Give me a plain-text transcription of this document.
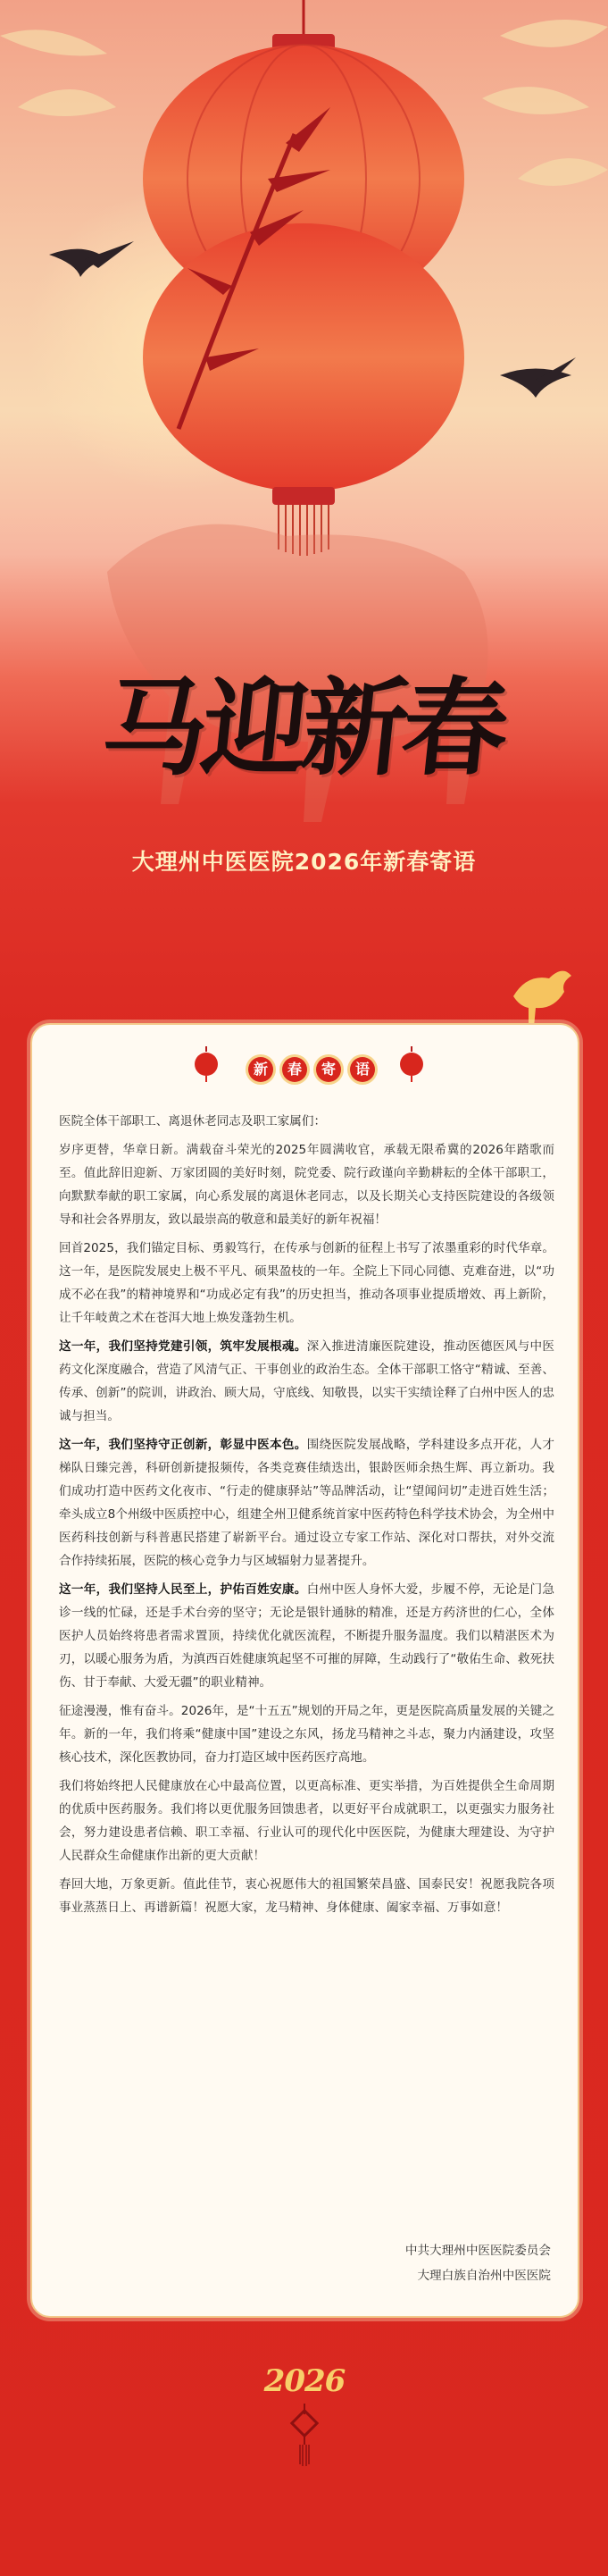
马迎新春
大理州中医医院2026年新春寄语
新	春	寄	语

医院全体干部职工、离退休老同志及职工家属们：

岁序更替，华章日新。满载奋斗荣光的2025年圆满收官，承载无限希冀的2026年踏歌而至。值此辞旧迎新、万家团圆的美好时刻，院党委、院行政谨向辛勤耕耘的全体干部职工，向默默奉献的职工家属，向心系发展的离退休老同志，以及长期关心支持医院建设的各级领导和社会各界朋友，致以最崇高的敬意和最美好的新年祝福！

回首2025，我们锚定目标、勇毅笃行，在传承与创新的征程上书写了浓墨重彩的时代华章。这一年，是医院发展史上极不平凡、硕果盈枝的一年。全院上下同心同德、克难奋进，以“功成不必在我”的精神境界和“功成必定有我”的历史担当，推动各项事业提质增效、再上新阶，让千年岐黄之术在苍洱大地上焕发蓬勃生机。

这一年，我们坚持党建引领，筑牢发展根魂。深入推进清廉医院建设，推动医德医风与中医药文化深度融合，营造了风清气正、干事创业的政治生态。全体干部职工恪守“精诚、至善、传承、创新”的院训，讲政治、顾大局，守底线、知敬畏，以实干实绩诠释了白州中医人的忠诚与担当。

这一年，我们坚持守正创新，彰显中医本色。围绕医院发展战略，学科建设多点开花，人才梯队日臻完善，科研创新捷报频传，各类竞赛佳绩迭出，银龄医师余热生辉、再立新功。我们成功打造中医药文化夜市、“行走的健康驿站”等品牌活动，让“望闻问切”走进百姓生活；牵头成立8个州级中医质控中心，组建全州卫健系统首家中医药特色科学技术协会，为全州中医药科技创新与科普惠民搭建了崭新平台。通过设立专家工作站、深化对口帮扶，对外交流合作持续拓展，医院的核心竞争力与区域辐射力显著提升。

这一年，我们坚持人民至上，护佑百姓安康。白州中医人身怀大爱，步履不停，无论是门急诊一线的忙碌，还是手术台旁的坚守；无论是银针通脉的精准，还是方药济世的仁心，全体医护人员始终将患者需求置顶，持续优化就医流程，不断提升服务温度。我们以精湛医术为刃，以暖心服务为盾，为滇西百姓健康筑起坚不可摧的屏障，生动践行了“敬佑生命、救死扶伤、甘于奉献、大爱无疆”的职业精神。

征途漫漫，惟有奋斗。2026年，是“十五五”规划的开局之年，更是医院高质量发展的关键之年。新的一年，我们将乘“健康中国”建设之东风，扬龙马精神之斗志，聚力内涵建设，攻坚核心技术，深化医教协同，奋力打造区域中医药医疗高地。

我们将始终把人民健康放在心中最高位置，以更高标准、更实举措，为百姓提供全生命周期的优质中医药服务。我们将以更优服务回馈患者，以更好平台成就职工，以更强实力服务社会，努力建设患者信赖、职工幸福、行业认可的现代化中医医院，为健康大理建设、为守护人民群众生命健康作出新的更大贡献！

春回大地，万象更新。值此佳节，衷心祝愿伟大的祖国繁荣昌盛、国泰民安！祝愿我院各项事业蒸蒸日上、再谱新篇！祝愿大家，龙马精神、身体健康、阖家幸福、万事如意！

中共大理州中医医院委员会
大理白族自治州中医医院
2026
